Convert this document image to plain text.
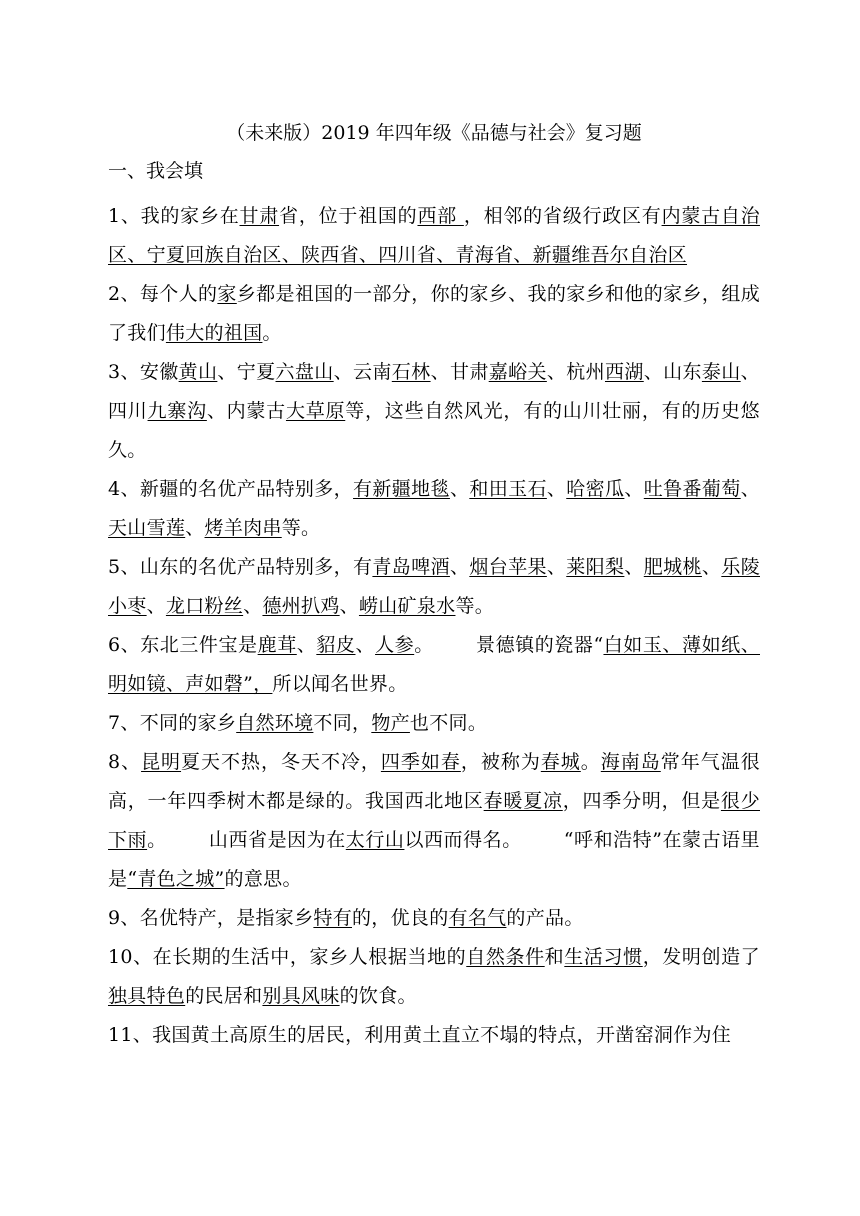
（未来版）2019 年四年级《品德与社会》复习题
一、我会填

1、我的家乡在甘肃省，位于祖国的西部 ，相邻的省级行政区有内蒙古自治区、宁夏回族自治区、陕西省、四川省、青海省、新疆维吾尔自治区

2、每个人的家乡都是祖国的一部分，你的家乡、我的家乡和他的家乡，组成了我们伟大的祖国。

3、安徽黄山、宁夏六盘山、云南石林、甘肃嘉峪关、杭州西湖、山东泰山、四川九寨沟、内蒙古大草原等，这些自然风光，有的山川壮丽，有的历史悠久。

4、新疆的名优产品特别多，有新疆地毯、和田玉石、哈密瓜、吐鲁番葡萄、天山雪莲、烤羊肉串等。

5、山东的名优产品特别多，有青岛啤酒、烟台苹果、莱阳梨、肥城桃、乐陵小枣、龙口粉丝、德州扒鸡、崂山矿泉水等。

6、东北三件宝是鹿茸、貂皮、人参。 景德镇的瓷器“白如玉、薄如纸、明如镜、声如磬”，所以闻名世界。

7、不同的家乡自然环境不同，物产也不同。

8、昆明夏天不热，冬天不冷，四季如春，被称为春城。海南岛常年气温很高，一年四季树木都是绿的。我国西北地区春暖夏凉，四季分明，但是很少下雨。 山西省是因为在太行山以西而得名。 “呼和浩特”在蒙古语里是“青色之城”的意思。

9、名优特产，是指家乡特有的，优良的有名气的产品。

10、在长期的生活中，家乡人根据当地的自然条件和生活习惯，发明创造了独具特色的民居和别具风味的饮食。

11、我国黄土高原生的居民，利用黄土直立不塌的特点，开凿窑洞作为住
